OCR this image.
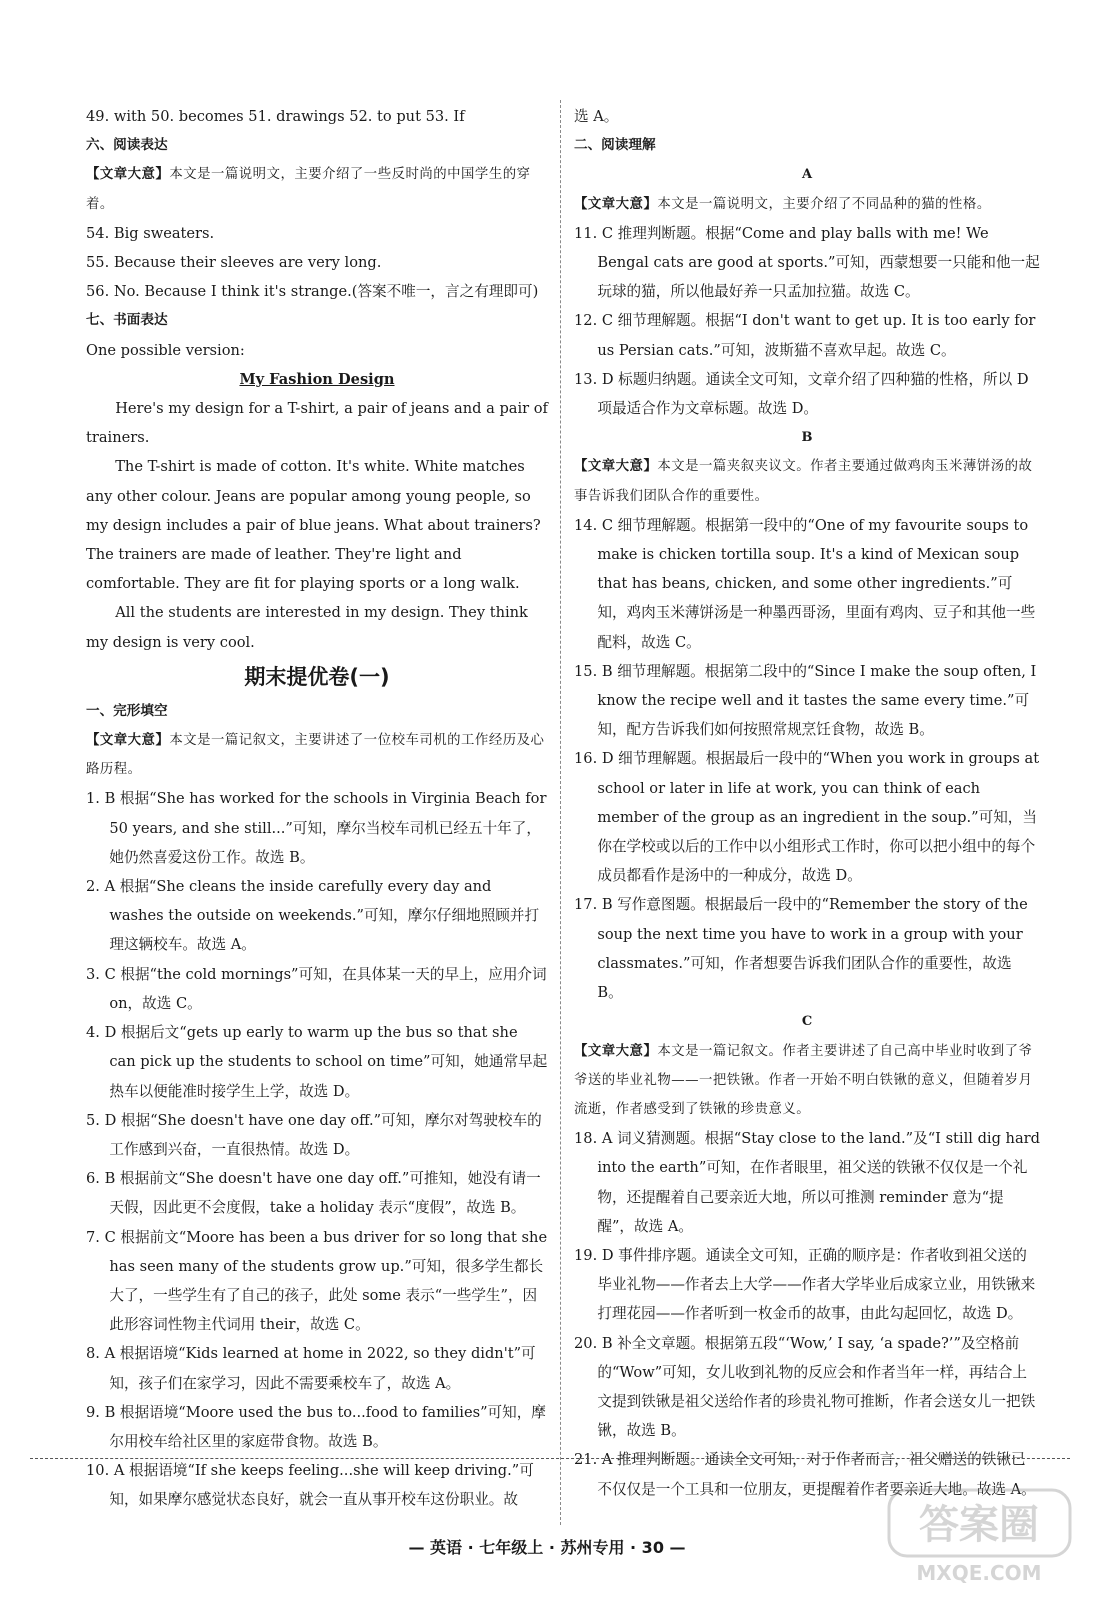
49. with 50. becomes 51. drawings 52. to put 53. If
六、阅读表达
【文章大意】本文是一篇说明文，主要介绍了一些反时尚的中国学生的穿着。
54. Big sweaters.
55. Because their sleeves are very long.
56. No. Because I think it's strange.(答案不唯一，言之有理即可)
七、书面表达
One possible version:
My Fashion Design
Here's my design for a T-shirt, a pair of jeans and a pair of trainers.
The T-shirt is made of cotton. It's white. White matches any other colour. Jeans are popular among young people, so my design includes a pair of blue jeans. What about trainers? The trainers are made of leather. They're light and comfortable. They are fit for playing sports or a long walk.
All the students are interested in my design. They think my design is very cool.
期末提优卷(一)
一、完形填空
【文章大意】本文是一篇记叙文，主要讲述了一位校车司机的工作经历及心路历程。
1. B 根据“She has worked for the schools in Virginia Beach for 50 years, and she still...”可知，摩尔当校车司机已经五十年了，她仍然喜爱这份工作。故选 B。
2. A 根据“She cleans the inside carefully every day and washes the outside on weekends.”可知，摩尔仔细地照顾并打理这辆校车。故选 A。
3. C 根据“the cold mornings”可知，在具体某一天的早上，应用介词 on，故选 C。
4. D 根据后文“gets up early to warm up the bus so that she can pick up the students to school on time”可知，她通常早起热车以便能准时接学生上学，故选 D。
5. D 根据“She doesn't have one day off.”可知，摩尔对驾驶校车的工作感到兴奋，一直很热情。故选 D。
6. B 根据前文“She doesn't have one day off.”可推知，她没有请一天假，因此更不会度假，take a holiday 表示“度假”，故选 B。
7. C 根据前文“Moore has been a bus driver for so long that she has seen many of the students grow up.”可知，很多学生都长大了，一些学生有了自己的孩子，此处 some 表示“一些学生”，因此形容词性物主代词用 their，故选 C。
8. A 根据语境“Kids learned at home in 2022, so they didn't”可知，孩子们在家学习，因此不需要乘校车了，故选 A。
9. B 根据语境“Moore used the bus to...food to families”可知，摩尔用校车给社区里的家庭带食物。故选 B。
10. A 根据语境“If she keeps feeling...she will keep driving.”可知，如果摩尔感觉状态良好，就会一直从事开校车这份职业。故
选 A。
二、阅读理解
A
【文章大意】本文是一篇说明文，主要介绍了不同品种的猫的性格。
11. C 推理判断题。根据“Come and play balls with me! We Bengal cats are good at sports.”可知，西蒙想要一只能和他一起玩球的猫，所以他最好养一只孟加拉猫。故选 C。
12. C 细节理解题。根据“I don't want to get up. It is too early for us Persian cats.”可知，波斯猫不喜欢早起。故选 C。
13. D 标题归纳题。通读全文可知，文章介绍了四种猫的性格，所以 D 项最适合作为文章标题。故选 D。
B
【文章大意】本文是一篇夹叙夹议文。作者主要通过做鸡肉玉米薄饼汤的故事告诉我们团队合作的重要性。
14. C 细节理解题。根据第一段中的“One of my favourite soups to make is chicken tortilla soup. It's a kind of Mexican soup that has beans, chicken, and some other ingredients.”可知，鸡肉玉米薄饼汤是一种墨西哥汤，里面有鸡肉、豆子和其他一些配料，故选 C。
15. B 细节理解题。根据第二段中的“Since I make the soup often, I know the recipe well and it tastes the same every time.”可知，配方告诉我们如何按照常规烹饪食物，故选 B。
16. D 细节理解题。根据最后一段中的“When you work in groups at school or later in life at work, you can think of each member of the group as an ingredient in the soup.”可知，当你在学校或以后的工作中以小组形式工作时，你可以把小组中的每个成员都看作是汤中的一种成分，故选 D。
17. B 写作意图题。根据最后一段中的“Remember the story of the soup the next time you have to work in a group with your classmates.”可知，作者想要告诉我们团队合作的重要性，故选 B。
C
【文章大意】本文是一篇记叙文。作者主要讲述了自己高中毕业时收到了爷爷送的毕业礼物——一把铁锹。作者一开始不明白铁锹的意义，但随着岁月流逝，作者感受到了铁锹的珍贵意义。
18. A 词义猜测题。根据“Stay close to the land.”及“I still dig hard into the earth”可知，在作者眼里，祖父送的铁锹不仅仅是一个礼物，还提醒着自己要亲近大地，所以可推测 reminder 意为“提醒”，故选 A。
19. D 事件排序题。通读全文可知，正确的顺序是：作者收到祖父送的毕业礼物——作者去上大学——作者大学毕业后成家立业，用铁锹来打理花园——作者听到一枚金币的故事，由此勾起回忆，故选 D。
20. B 补全文章题。根据第五段“‘Wow,’ I say, ‘a spade?’”及空格前的“Wow”可知，女儿收到礼物的反应会和作者当年一样，再结合上文提到铁锹是祖父送给作者的珍贵礼物可推断，作者会送女儿一把铁锹，故选 B。
21. A 推理判断题。通读全文可知，对于作者而言，祖父赠送的铁锹已不仅仅是一个工具和一位朋友，更提醒着作者要亲近大地。故选 A。
— 英语 · 七年级上 · 苏州专用 · 30 —	答案圈
MXQE.COM
